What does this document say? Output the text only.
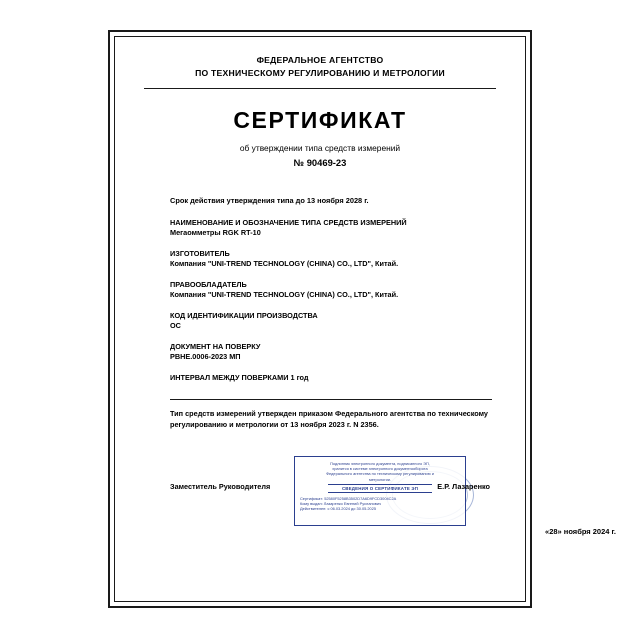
ФЕДЕРАЛЬНОЕ АГЕНТСТВО
ПО ТЕХНИЧЕСКОМУ РЕГУЛИРОВАНИЮ И МЕТРОЛОГИИ
СЕРТИФИКАТ
об утверждении типа средств измерений
№ 90469-23
Срок действия утверждения типа до 13 ноября 2028 г.
НАИМЕНОВАНИЕ И ОБОЗНАЧЕНИЕ ТИПА СРЕДСТВ ИЗМЕРЕНИЙ
Мегаомметры RGK RT-10
ИЗГОТОВИТЕЛЬ
Компания "UNI-TREND TECHNOLOGY (CHINA) CO., LTD", Китай.
ПРАВООБЛАДАТЕЛЬ
Компания "UNI-TREND TECHNOLOGY (CHINA) CO., LTD", Китай.
КОД ИДЕНТИФИКАЦИИ ПРОИЗВОДСТВА
ОС
ДОКУМЕНТ НА ПОВЕРКУ
РВНЕ.0006-2023 МП
ИНТЕРВАЛ МЕЖДУ ПОВЕРКАМИ 1 год
Тип средств измерений утвержден приказом Федерального агентства по техническому регулированию и метрологии от 13 ноября 2023 г. N 2356.
Заместитель Руководителя
Подлинник электронного документа, подписанного ЭП,
хранится в системе электронного документооборота
Федерального агентства по техническому регулированию и
метрологии.
СВЕДЕНИЯ О СЕРТИФИКАТЕ ЭП
Сертификат: 52580F5258B3502D7A6D9FCD3004C2A
Кому выдан: Лазаренко Евгений Русланович
Действителен: с 06.03.2024 до 30.05.2025
Е.Р. Лазаренко
«28» ноября 2024 г.
